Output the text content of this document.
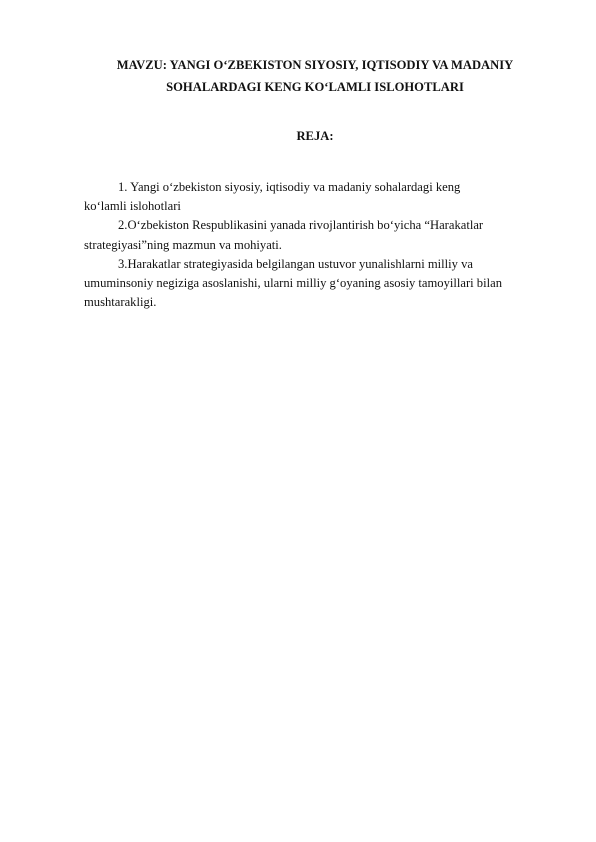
MAVZU: YANGI O‘ZBEKISTON SIYOSIY, IQTISODIY VA MADANIY
SOHALARDAGI KENG KO‘LAMLI ISLOHOTLARI
REJA:
1. Yangi o‘zbekiston siyosiy, iqtisodiy va madaniy sohalardagi keng
ko‘lamli islohotlari
2.O‘zbekiston Respublikasini yanada rivojlantirish bo‘yicha “Harakatlar
strategiyasi”ning mazmun va mohiyati.
3.Harakatlar strategiyasida belgilangan ustuvor yunalishlarni milliy va
umuminsoniy negiziga asoslanishi, ularni milliy g‘oyaning asosiy tamoyillari bilan
mushtarakligi.
